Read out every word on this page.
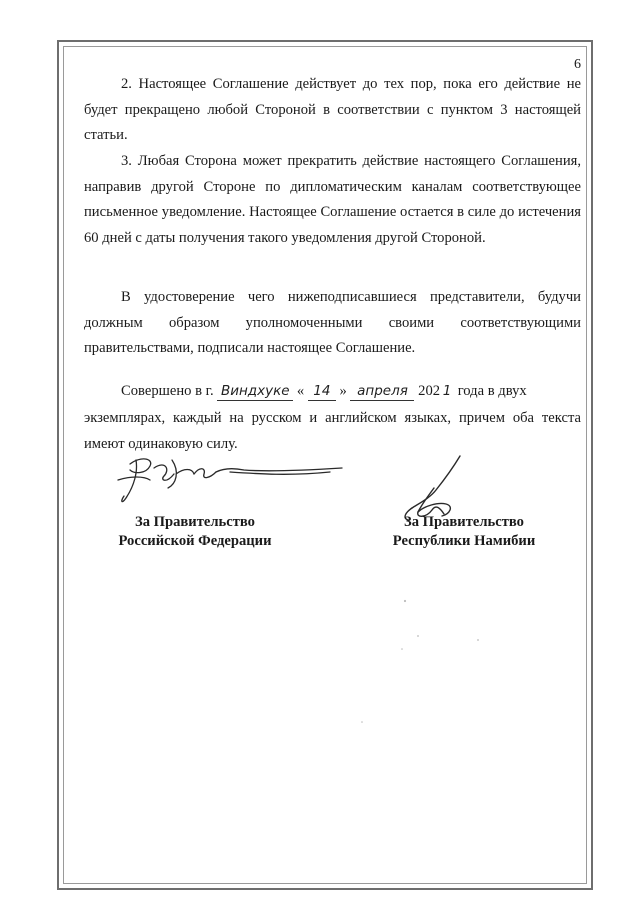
6

2. Настоящее Соглашение действует до тех пор, пока его действие не будет прекращено любой Стороной в соответствии с пунктом 3 настоящей статьи.

3. Любая Сторона может прекратить действие настоящего Соглашения, направив другой Стороне по дипломатическим каналам соответствующее письменное уведомление. Настоящее Соглашение остается в силе до истечения 60 дней с даты получения такого уведомления другой Стороной.

В удостоверение чего нижеподписавшиеся представители, будучи должным образом уполномоченными своими соответствующими правительствами, подписали настоящее Соглашение.

Совершено в г. Виндхуке « 14 » апреля 202 1 года в двух

экземплярах, каждый на русском и английском языках, причем оба текста имеют одинаковую силу.

За Правительство
Российской Федерации
За Правительство
Республики Намибии
